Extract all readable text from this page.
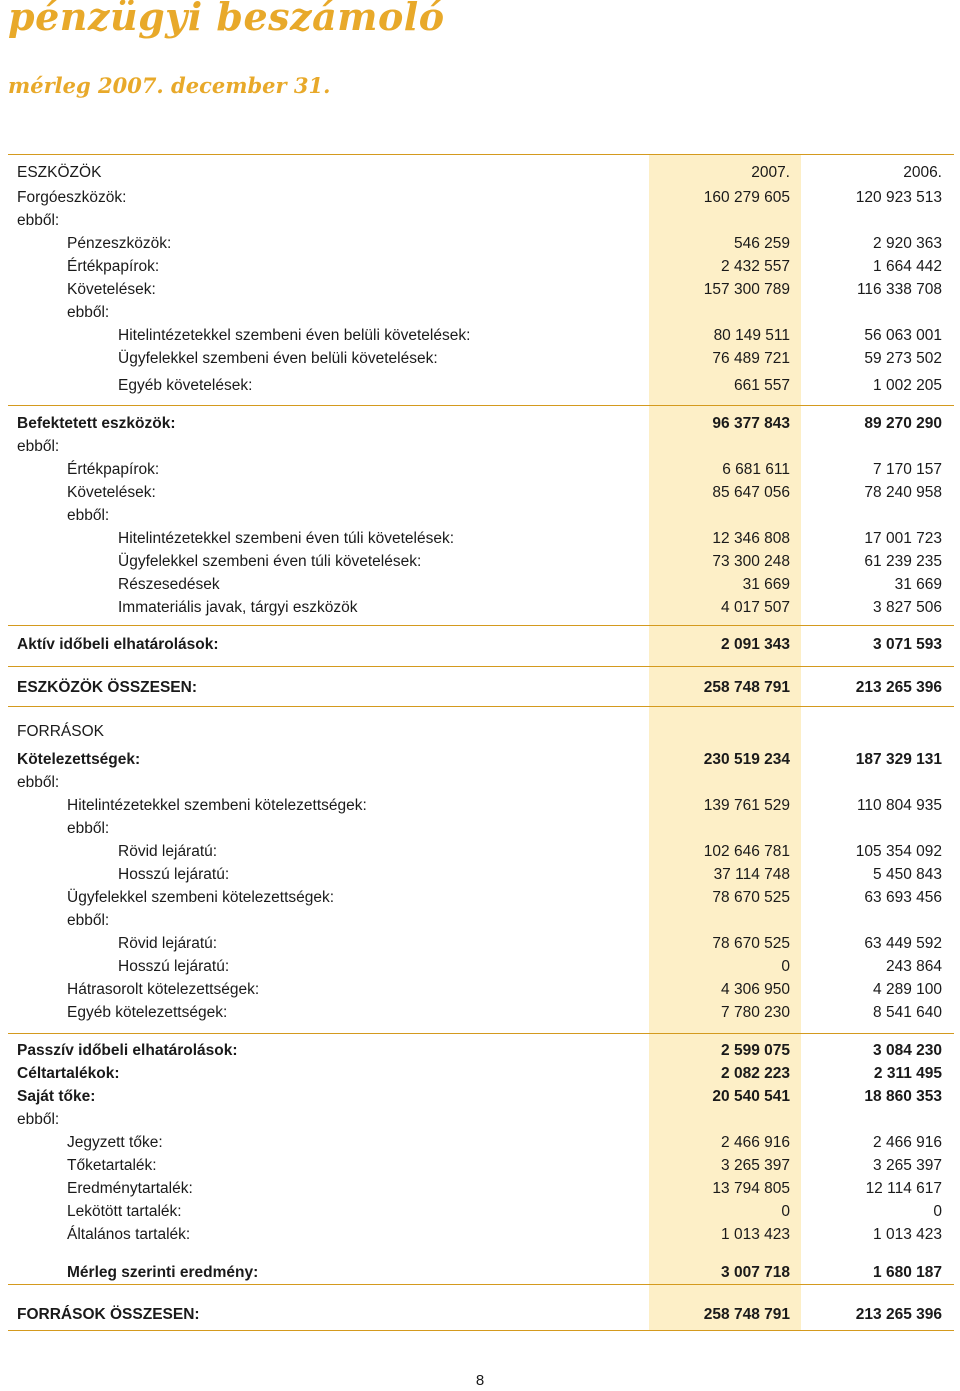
pénzügyi beszámoló
mérleg 2007. december 31.
ESZKÖZÖK	2007.	2006.
Forgóeszközök:	160 279 605	120 923 513
ebből:
Pénzeszközök:	546 259	2 920 363
Értékpapírok:	2 432 557	1 664 442
Követelések:	157 300 789	116 338 708
ebből:
Hitelintézetekkel szembeni éven belüli követelések:	80 149 511	56 063 001
Ügyfelekkel szembeni éven belüli követelések:	76 489 721	59 273 502
Egyéb követelések:	661 557	1 002 205
Befektetett eszközök:	96 377 843	89 270 290
ebből:
Értékpapírok:	6 681 611	7 170 157
Követelések:	85 647 056	78 240 958
ebből:
Hitelintézetekkel szembeni éven túli követelések:	12 346 808	17 001 723
Ügyfelekkel szembeni éven túli követelések:	73 300 248	61 239 235
Részesedések	31 669	31 669
Immateriális javak, tárgyi eszközök	4 017 507	3 827 506
Aktív időbeli elhatárolások:	2 091 343	3 071 593
ESZKÖZÖK ÖSSZESEN:	258 748 791	213 265 396
FORRÁSOK
Kötelezettségek:	230 519 234	187 329 131
ebből:
Hitelintézetekkel szembeni kötelezettségek:	139 761 529	110 804 935
ebből:
Rövid lejáratú:	102 646 781	105 354 092
Hosszú lejáratú:	37 114 748	5 450 843
Ügyfelekkel szembeni kötelezettségek:	78 670 525	63 693 456
ebből:
Rövid lejáratú:	78 670 525	63 449 592
Hosszú lejáratú:	0	243 864
Hátrasorolt kötelezettségek:	4 306 950	4 289 100
Egyéb kötelezettségek:	7 780 230	8 541 640
Passzív időbeli elhatárolások:	2 599 075	3 084 230
Céltartalékok:	2 082 223	2 311 495
Saját tőke:	20 540 541	18 860 353
ebből:
Jegyzett tőke:	2 466 916	2 466 916
Tőketartalék:	3 265 397	3 265 397
Eredménytartalék:	13 794 805	12 114 617
Lekötött tartalék:	0	0
Általános tartalék:	1 013 423	1 013 423
Mérleg szerinti eredmény:	3 007 718	1 680 187
FORRÁSOK ÖSSZESEN:	258 748 791	213 265 396
8
